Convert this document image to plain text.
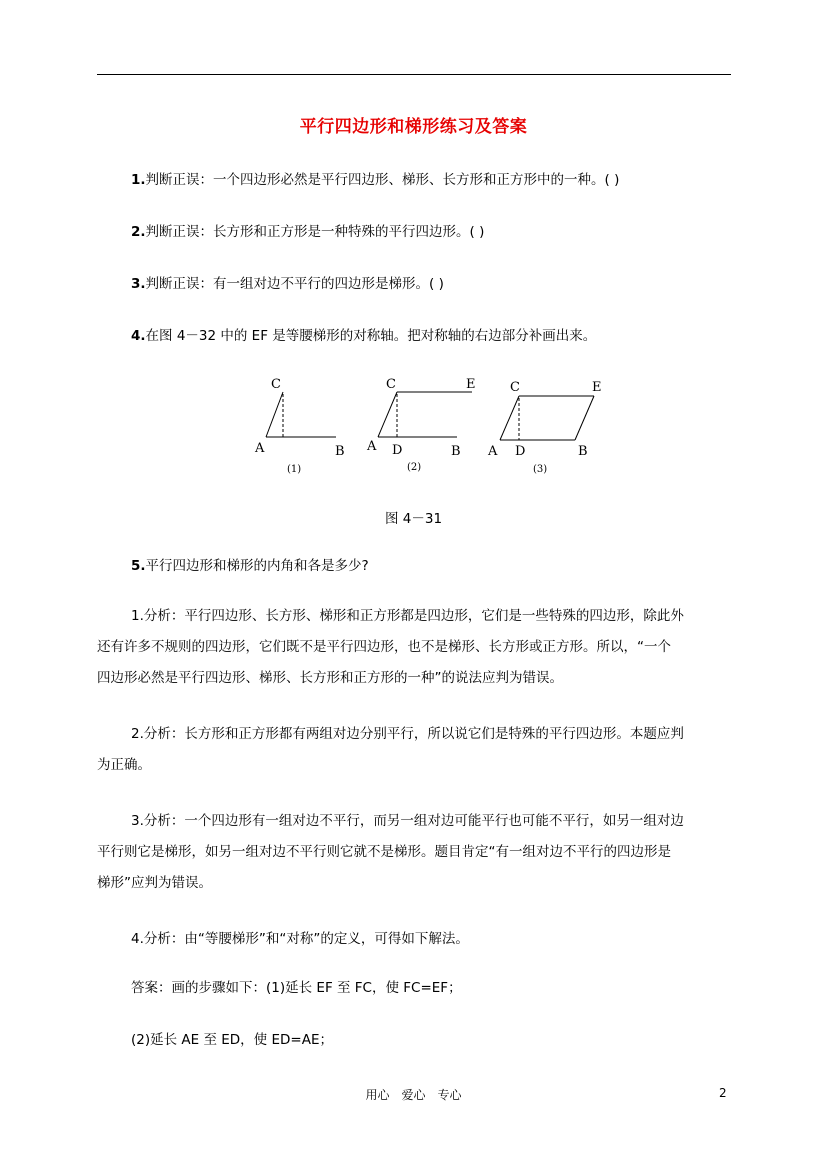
平行四边形和梯形练习及答案
1.判断正误：一个四边形必然是平行四边形、梯形、长方形和正方形中的一种。( )
2.判断正误：长方形和正方形是一种特殊的平行四边形。( )
3.判断正误：有一组对边不平行的四边形是梯形。( )
4.在图 4－32 中的 EF 是等腰梯形的对称轴。把对称轴的右边部分补画出来。
C
A	B
(1)
C	E
A D	B
(2)
C	E
A D	B
(3)
图 4－31
5.平行四边形和梯形的内角和各是多少?
1.分析：平行四边形、长方形、梯形和正方形都是四边形，它们是一些特殊的四边形，除此外
还有许多不规则的四边形，它们既不是平行四边形，也不是梯形、长方形或正方形。所以，“一个
四边形必然是平行四边形、梯形、长方形和正方形的一种”的说法应判为错误。
2.分析：长方形和正方形都有两组对边分别平行，所以说它们是特殊的平行四边形。本题应判
为正确。
3.分析：一个四边形有一组对边不平行，而另一组对边可能平行也可能不平行，如另一组对边
平行则它是梯形，如另一组对边不平行则它就不是梯形。题目肯定“有一组对边不平行的四边形是
梯形”应判为错误。
4.分析：由“等腰梯形”和“对称”的定义，可得如下解法。
答案：画的步骤如下：(1)延长 EF 至 FC，使 FC=EF；
(2)延长 AE 至 ED，使 ED=AE；
用心　爱心　专心	2
